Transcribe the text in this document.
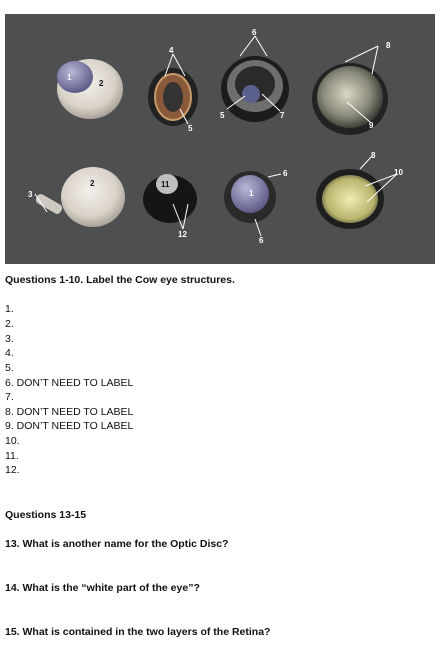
1
2
4
5
6
5	7
8
9
3
2	11
12
1
6
6
8
10
Questions 1-10. Label the Cow eye structures.
1.
2.
3.
4.
5.
6. DON’T NEED TO LABEL
7.
8. DON’T NEED TO LABEL
9. DON’T NEED TO LABEL
10.
11.
12.
Questions 13-15
13. What is another name for the Optic Disc?
14. What is the “white part of the eye”?
15. What is contained in the two layers of the Retina?
